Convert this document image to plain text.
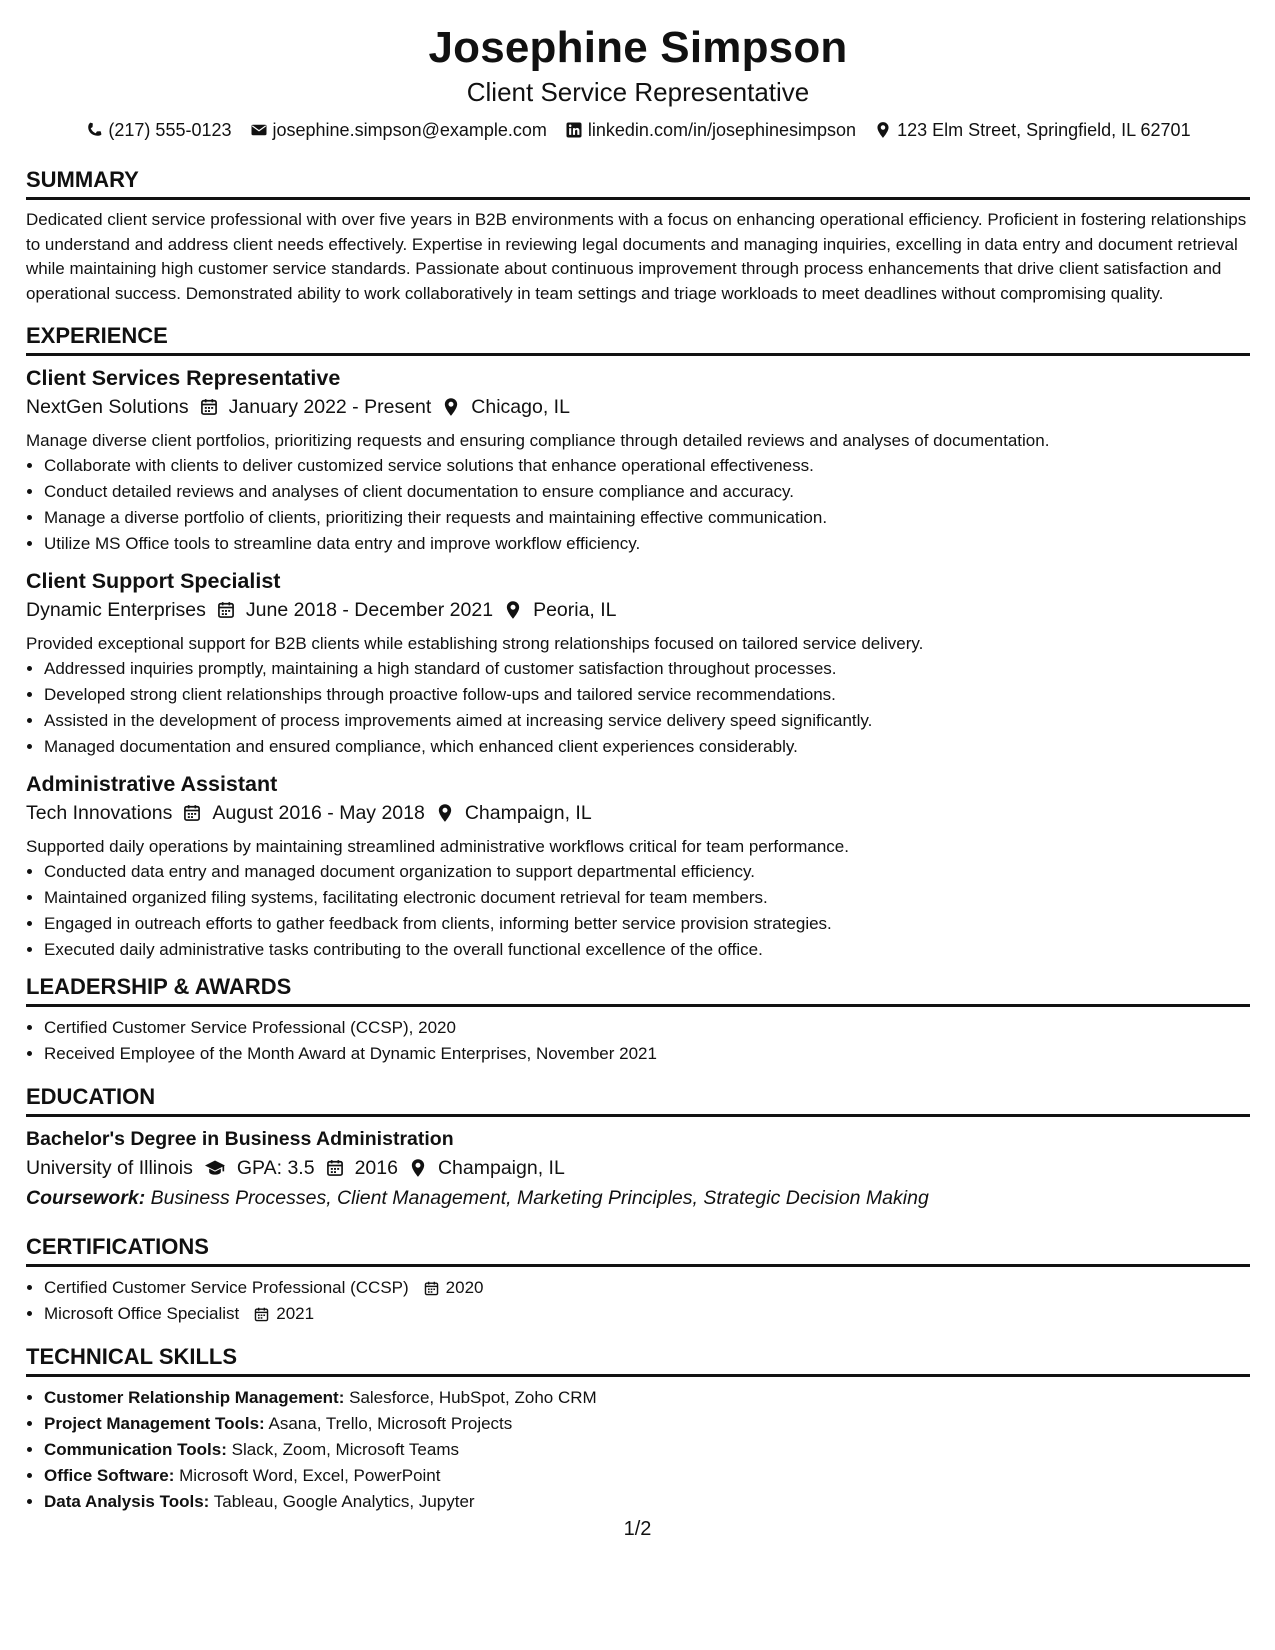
Josephine Simpson
Client Service Representative
(217) 555-0123 josephine.simpson@example.com linkedin.com/in/josephinesimpson 123 Elm Street, Springfield, IL 62701
SUMMARY

Dedicated client service professional with over five years in B2B environments with a focus on enhancing operational efficiency. Proficient in fostering relationships to understand and address client needs effectively. Expertise in reviewing legal documents and managing inquiries, excelling in data entry and document retrieval while maintaining high customer service standards. Passionate about continuous improvement through process enhancements that drive client satisfaction and operational success. Demonstrated ability to work collaboratively in team settings and triage workloads to meet deadlines without compromising quality.

EXPERIENCE
Client Services Representative
NextGen Solutions January 2022 - Present Chicago, IL
Manage diverse client portfolios, prioritizing requests and ensuring compliance through detailed reviews and analyses of documentation.
• Collaborate with clients to deliver customized service solutions that enhance operational effectiveness.
• Conduct detailed reviews and analyses of client documentation to ensure compliance and accuracy.
• Manage a diverse portfolio of clients, prioritizing their requests and maintaining effective communication.
• Utilize MS Office tools to streamline data entry and improve workflow efficiency.
Client Support Specialist
Dynamic Enterprises June 2018 - December 2021 Peoria, IL
Provided exceptional support for B2B clients while establishing strong relationships focused on tailored service delivery.
• Addressed inquiries promptly, maintaining a high standard of customer satisfaction throughout processes.
• Developed strong client relationships through proactive follow-ups and tailored service recommendations.
• Assisted in the development of process improvements aimed at increasing service delivery speed significantly.
• Managed documentation and ensured compliance, which enhanced client experiences considerably.
Administrative Assistant
Tech Innovations August 2016 - May 2018 Champaign, IL
Supported daily operations by maintaining streamlined administrative workflows critical for team performance.
• Conducted data entry and managed document organization to support departmental efficiency.
• Maintained organized filing systems, facilitating electronic document retrieval for team members.
• Engaged in outreach efforts to gather feedback from clients, informing better service provision strategies.
• Executed daily administrative tasks contributing to the overall functional excellence of the office.
LEADERSHIP & AWARDS
• Certified Customer Service Professional (CCSP), 2020
• Received Employee of the Month Award at Dynamic Enterprises, November 2021
EDUCATION
Bachelor's Degree in Business Administration
University of Illinois GPA: 3.5 2016 Champaign, IL
Coursework: Business Processes, Client Management, Marketing Principles, Strategic Decision Making
CERTIFICATIONS
• Certified Customer Service Professional (CCSP) 2020
• Microsoft Office Specialist 2021
TECHNICAL SKILLS
• Customer Relationship Management: Salesforce, HubSpot, Zoho CRM
• Project Management Tools: Asana, Trello, Microsoft Projects
• Communication Tools: Slack, Zoom, Microsoft Teams
• Office Software: Microsoft Word, Excel, PowerPoint
• Data Analysis Tools: Tableau, Google Analytics, Jupyter
1/2
